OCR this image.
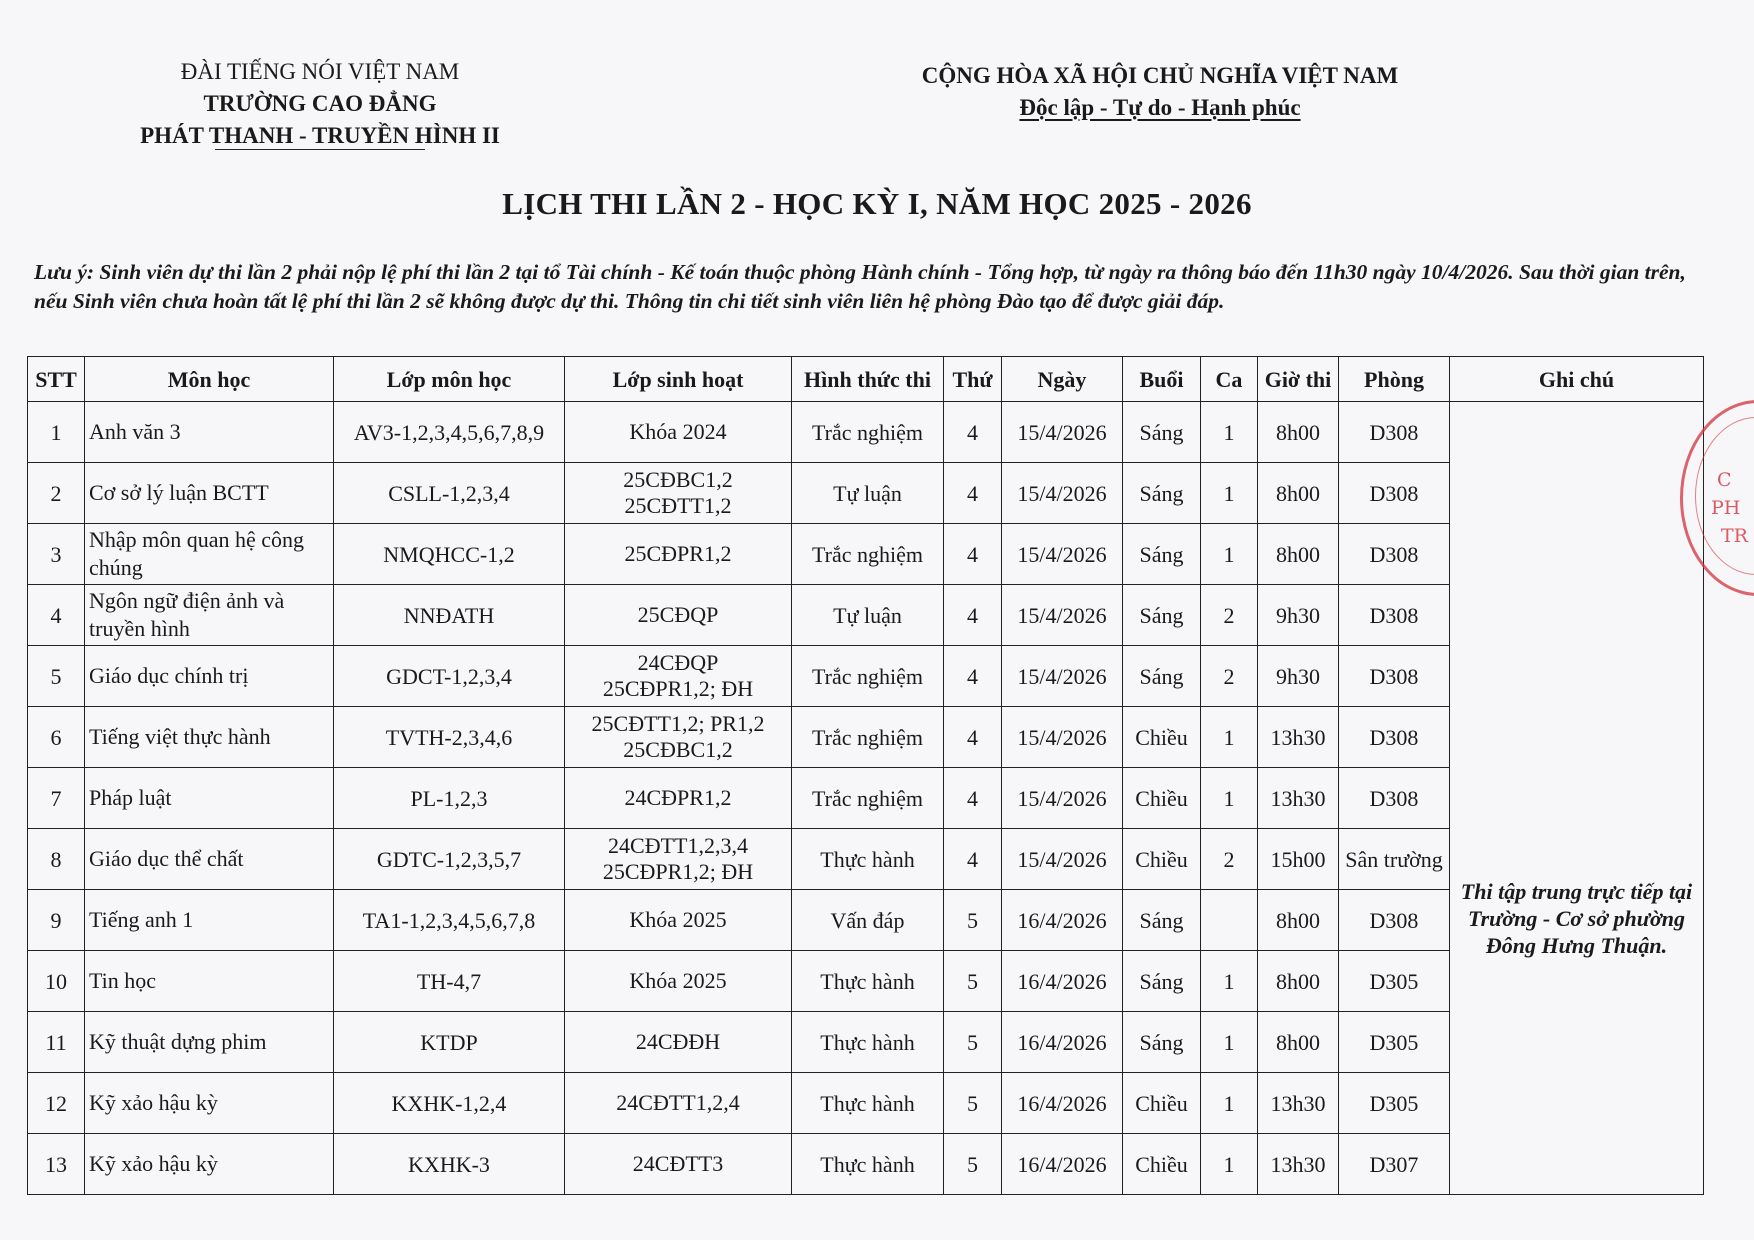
ĐÀI TIẾNG NÓI VIỆT NAM
TRƯỜNG CAO ĐẲNG
PHÁT THANH - TRUYỀN HÌNH II
CỘNG HÒA XÃ HỘI CHỦ NGHĨA VIỆT NAM
Độc lập - Tự do - Hạnh phúc
LỊCH THI LẦN 2 - HỌC KỲ I, NĂM HỌC 2025 - 2026
Lưu ý: Sinh viên dự thi lần 2 phải nộp lệ phí thi lần 2 tại tổ Tài chính - Kế toán thuộc phòng Hành chính - Tổng hợp, từ ngày ra thông báo đến 11h30 ngày 10/4/2026. Sau thời gian trên, nếu Sinh viên chưa hoàn tất lệ phí thi lần 2 sẽ không được dự thi. Thông tin chi tiết sinh viên liên hệ phòng Đào tạo để được giải đáp.
STT	Môn học	Lớp môn học	Lớp sinh hoạt	Hình thức thi	Thứ	Ngày	Buổi	Ca	Giờ thi	Phòng	Ghi chú
1	Anh văn 3	AV3-1,2,3,4,5,6,7,8,9	Khóa 2024	Trắc nghiệm	4	15/4/2026	Sáng	1	8h00	D308	Thi tập trung trực tiếp tại Trường - Cơ sở phường Đông Hưng Thuận.

2	Cơ sở lý luận BCTT	CSLL-1,2,3,4	25CĐBC1,2
25CĐTT1,2	Tự luận	4	15/4/2026	Sáng	1	8h00	D308	
3	Nhập môn quan hệ công chúng	NMQHCC-1,2	25CĐPR1,2	Trắc nghiệm	4	15/4/2026	Sáng	1	8h00	D308	
4	Ngôn ngữ điện ảnh và truyền hình	NNĐATH	25CĐQP	Tự luận	4	15/4/2026	Sáng	2	9h30	D308	
5	Giáo dục chính trị	GDCT-1,2,3,4	24CĐQP
25CĐPR1,2; ĐH	Trắc nghiệm	4	15/4/2026	Sáng	2	9h30	D308	
6	Tiếng việt thực hành	TVTH-2,3,4,6	25CĐTT1,2; PR1,2
25CĐBC1,2	Trắc nghiệm	4	15/4/2026	Chiều	1	13h30	D308	
7	Pháp luật	PL-1,2,3	24CĐPR1,2	Trắc nghiệm	4	15/4/2026	Chiều	1	13h30	D308	
8	Giáo dục thể chất	GDTC-1,2,3,5,7	24CĐTT1,2,3,4
25CĐPR1,2; ĐH	Thực hành	4	15/4/2026	Chiều	2	15h00	Sân trường	
9	Tiếng anh 1	TA1-1,2,3,4,5,6,7,8	Khóa 2025	Vấn đáp	5	16/4/2026	Sáng		8h00	D308	
10	Tin học	TH-4,7	Khóa 2025	Thực hành	5	16/4/2026	Sáng	1	8h00	D305	
11	Kỹ thuật dựng phim	KTDP	24CĐĐH	Thực hành	5	16/4/2026	Sáng	1	8h00	D305	
12	Kỹ xảo hậu kỳ	KXHK-1,2,4	24CĐTT1,2,4	Thực hành	5	16/4/2026	Chiều	1	13h30	D305	
13	Kỹ xảo hậu kỳ	KXHK-3	24CĐTT3	Thực hành	5	16/4/2026	Chiều	1	13h30	D307	
C
PH
TR
